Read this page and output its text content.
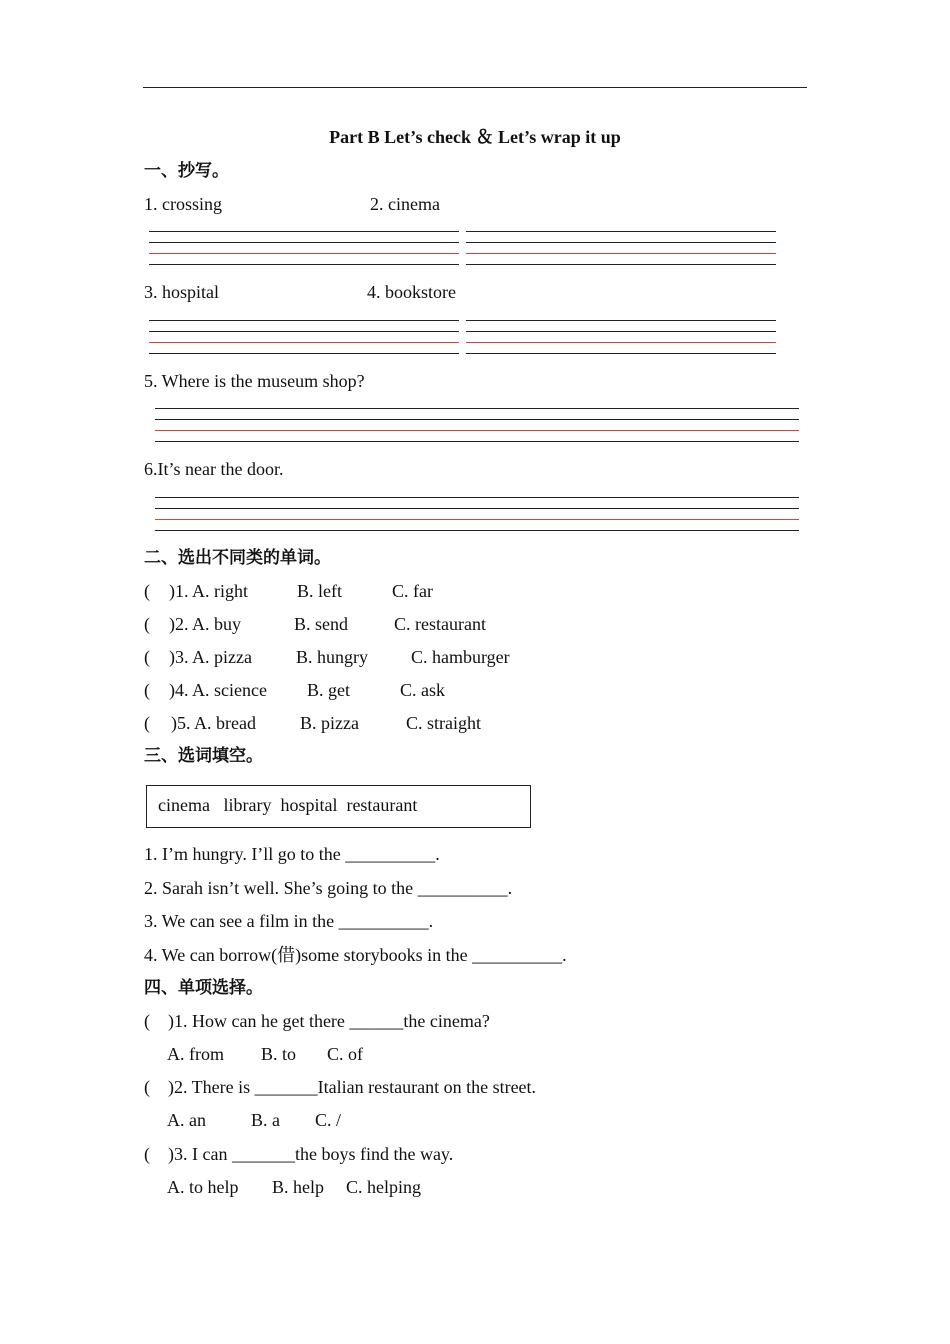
Part B Let’s check ＆ Let’s wrap it up
一、抄写。
1. crossing	2. cinema
3. hospital	4. bookstore
5. Where is the museum shop?
6.It’s near the door.
二、选出不同类的单词。
( )1. A. right	B. left	C. far
( )2. A. buy	B. send	C. restaurant
( )3. A. pizza B. hungry C. hamburger
( )4. A. science B. get	C. ask
( )5. A. bread B. pizza	C. straight
三、选词填空。
cinema   library  hospital  restaurant
1. I’m hungry. I’ll go to the __________.
2. Sarah isn’t well. She’s going to the __________.
3. We can see a film in the __________.
4. We can borrow(借)some storybooks in the __________.
四、单项选择。
(    )1. How can he get there ______the cinema?
A. from B. to C. of
(    )2. There is _______Italian restaurant on the street.
A. an	B. a C. /
(    )3. I can _______the boys find the way.
A. to help B. help C. helping
